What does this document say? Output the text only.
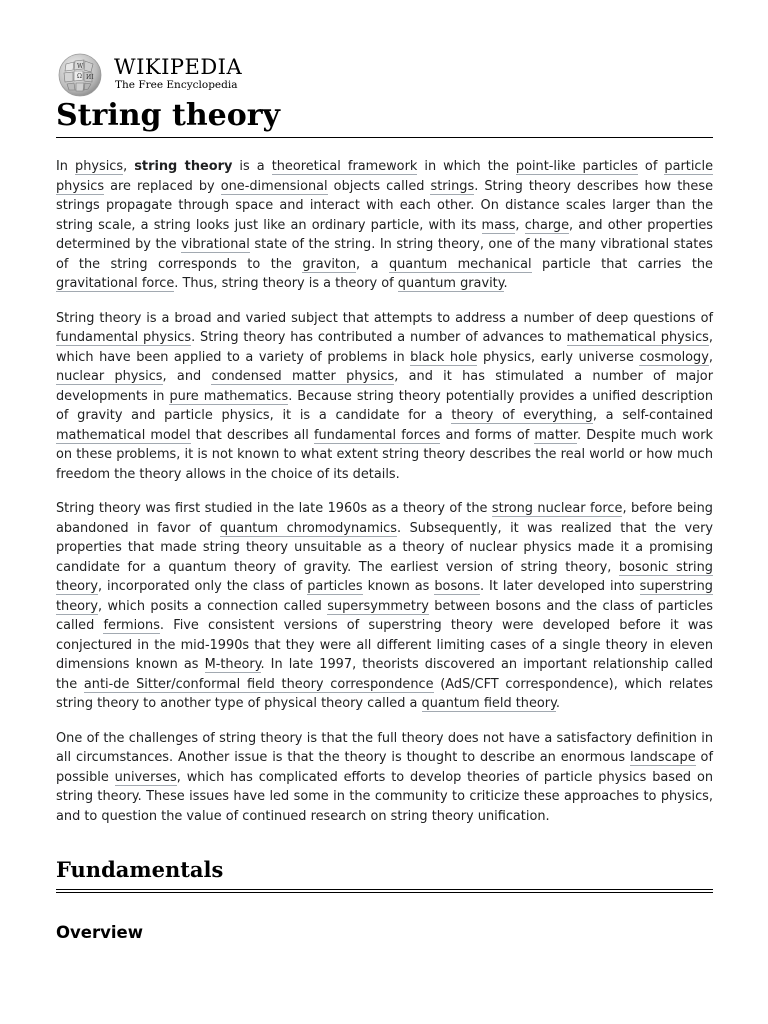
W
Ω ИІ WIKIPEDIA
The Free Encyclopedia
String theory

In physics, string theory is a theoretical framework in which the point-like particles of particle physics are replaced by one-dimensional objects called strings. String theory describes how these strings propagate through space and interact with each other. On distance scales larger than the string scale, a string looks just like an ordinary particle, with its mass, charge, and other properties determined by the vibrational state of the string. In string theory, one of the many vibrational states of the string corresponds to the graviton, a quantum mechanical particle that carries the gravitational force. Thus, string theory is a theory of quantum gravity.

String theory is a broad and varied subject that attempts to address a number of deep questions of fundamental physics. String theory has contributed a number of advances to mathematical physics, which have been applied to a variety of problems in black hole physics, early universe cosmology, nuclear physics, and condensed matter physics, and it has stimulated a number of major developments in pure mathematics. Because string theory potentially provides a unified description of gravity and particle physics, it is a candidate for a theory of everything, a self-contained mathematical model that describes all fundamental forces and forms of matter. Despite much work on these problems, it is not known to what extent string theory describes the real world or how much freedom the theory allows in the choice of its details.

String theory was first studied in the late 1960s as a theory of the strong nuclear force, before being abandoned in favor of quantum chromodynamics. Subsequently, it was realized that the very properties that made string theory unsuitable as a theory of nuclear physics made it a promising candidate for a quantum theory of gravity. The earliest version of string theory, bosonic string theory, incorporated only the class of particles known as bosons. It later developed into superstring theory, which posits a connection called supersymmetry between bosons and the class of particles called fermions. Five consistent versions of superstring theory were developed before it was conjectured in the mid-1990s that they were all different limiting cases of a single theory in eleven dimensions known as M-theory. In late 1997, theorists discovered an important relationship called the anti-de Sitter/conformal field theory correspondence (AdS/CFT correspondence), which relates string theory to another type of physical theory called a quantum field theory.

One of the challenges of string theory is that the full theory does not have a satisfactory definition in all circumstances. Another issue is that the theory is thought to describe an enormous landscape of possible universes, which has complicated efforts to develop theories of particle physics based on string theory. These issues have led some in the community to criticize these approaches to physics, and to question the value of continued research on string theory unification.

Fundamentals
Overview
